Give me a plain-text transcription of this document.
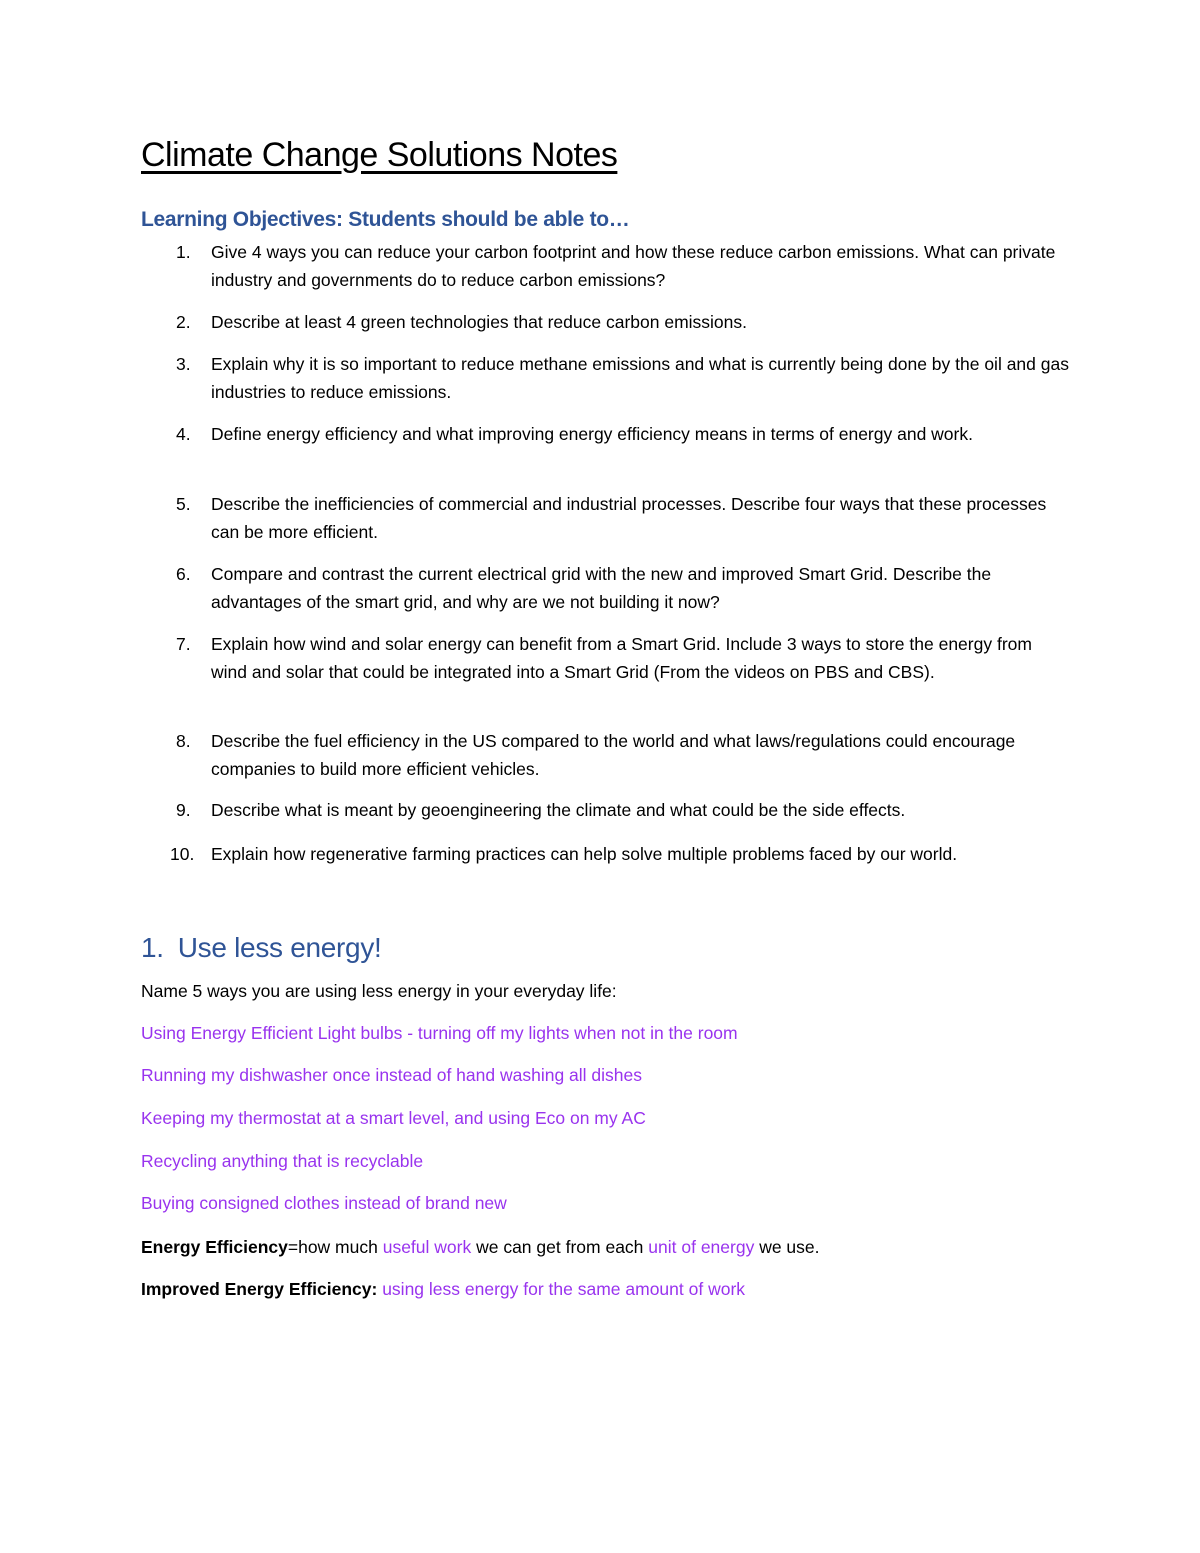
Climate Change Solutions Notes
Learning Objectives: Students should be able to…
1. Give 4 ways you can reduce your carbon footprint and how these reduce carbon emissions. What can private industry and governments do to reduce carbon emissions?
2. Describe at least 4 green technologies that reduce carbon emissions.
3. Explain why it is so important to reduce methane emissions and what is currently being done by the oil and gas industries to reduce emissions.
4. Define energy efficiency and what improving energy efficiency means in terms of energy and work.
5. Describe the inefficiencies of commercial and industrial processes. Describe four ways that these processes can be more efficient.
6. Compare and contrast the current electrical grid with the new and improved Smart Grid. Describe the advantages of the smart grid, and why are we not building it now?
7. Explain how wind and solar energy can benefit from a Smart Grid. Include 3 ways to store the energy from wind and solar that could be integrated into a Smart Grid (From the videos on PBS and CBS).
8. Describe the fuel efficiency in the US compared to the world and what laws/regulations could encourage companies to build more efficient vehicles.
9. Describe what is meant by geoengineering the climate and what could be the side effects.
10. Explain how regenerative farming practices can help solve multiple problems faced by our world.
1. Use less energy!

Name 5 ways you are using less energy in your everyday life:

Using Energy Efficient Light bulbs - turning off my lights when not in the room

Running my dishwasher once instead of hand washing all dishes

Keeping my thermostat at a smart level, and using Eco on my AC

Recycling anything that is recyclable

Buying consigned clothes instead of brand new

Energy Efficiency=how much useful work we can get from each unit of energy we use.

Improved Energy Efficiency: using less energy for the same amount of work
